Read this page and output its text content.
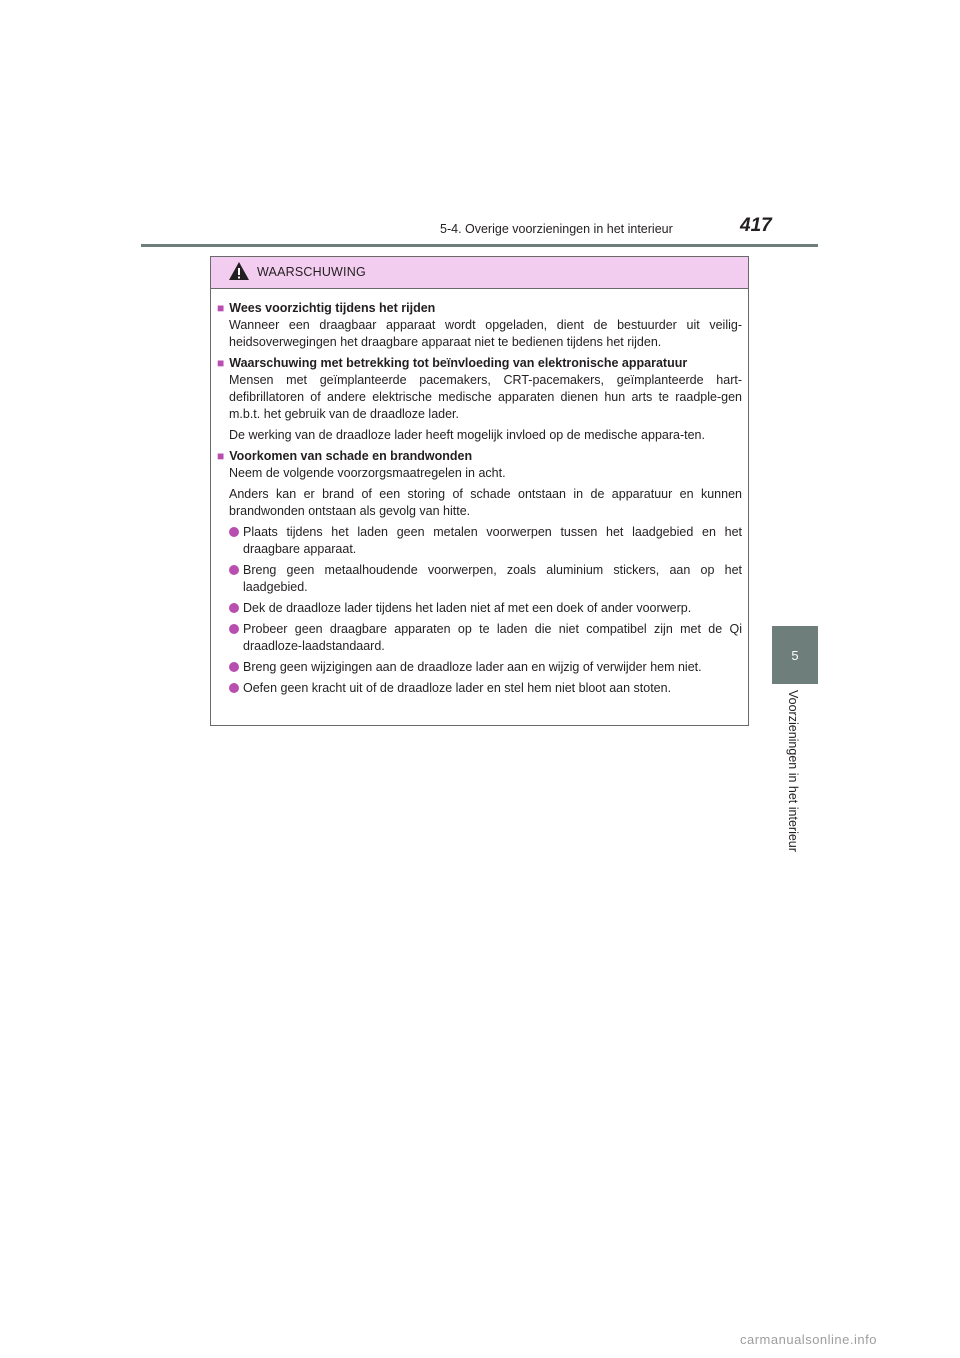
5-4. Overige voorzieningen in het interieur	417
5
Voorzieningen in het interieur
WAARSCHUWING
■ Wees voorzichtig tijdens het rijden
Wanneer een draagbaar apparaat wordt opgeladen, dient de bestuurder uit veilig-heidsoverwegingen het draagbare apparaat niet te bedienen tijdens het rijden.
■ Waarschuwing met betrekking tot beïnvloeding van elektronische apparatuur
Mensen met geïmplanteerde pacemakers, CRT-pacemakers, geïmplanteerde hart-defibrillatoren of andere elektrische medische apparaten dienen hun arts te raadple-gen m.b.t. het gebruik van de draadloze lader.
De werking van de draadloze lader heeft mogelijk invloed op de medische appara-ten.
■ Voorkomen van schade en brandwonden
Neem de volgende voorzorgsmaatregelen in acht.
Anders kan er brand of een storing of schade ontstaan in de apparatuur en kunnen brandwonden ontstaan als gevolg van hitte.
Plaats tijdens het laden geen metalen voorwerpen tussen het laadgebied en het draagbare apparaat.
Breng geen metaalhoudende voorwerpen, zoals aluminium stickers, aan op het laadgebied.
Dek de draadloze lader tijdens het laden niet af met een doek of ander voorwerp.
Probeer geen draagbare apparaten op te laden die niet compatibel zijn met de Qi draadloze-laadstandaard.
Breng geen wijzigingen aan de draadloze lader aan en wijzig of verwijder hem niet.
Oefen geen kracht uit of de draadloze lader en stel hem niet bloot aan stoten.
carmanualsonline.info
